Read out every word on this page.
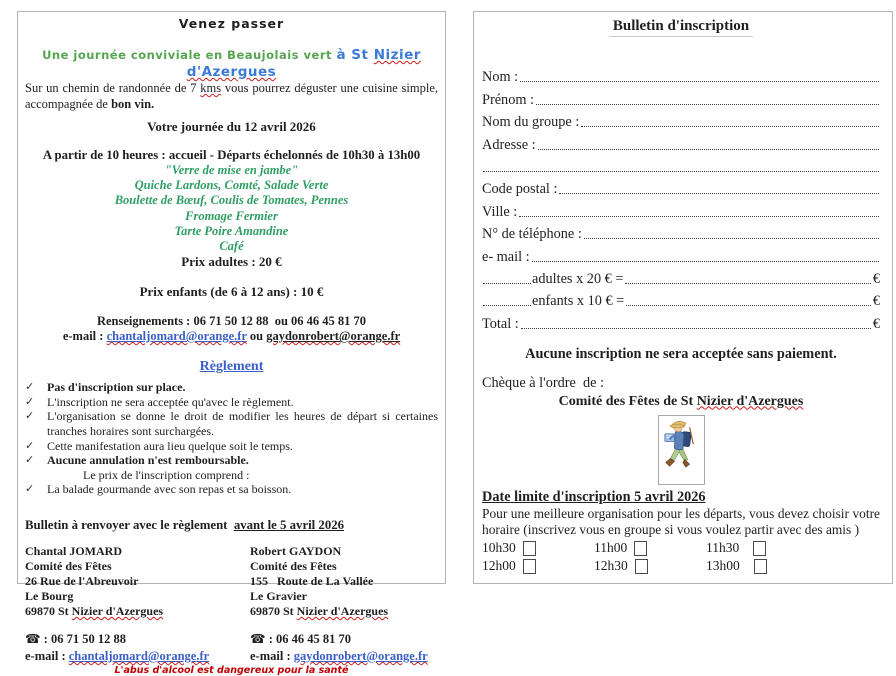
Venez passer
Une journée conviviale en Beaujolais vert à St Nizier d'Azergues
Sur un chemin de randonnée de 7 kms vous pourrez déguster une cuisine simple, accompagnée de bon vin.
Votre journée du 12 avril 2026
A partir de 10 heures : accueil - Départs échelonnés de 10h30 à 13h00
"Verre de mise en jambe"
Quiche Lardons, Comté, Salade Verte
Boulette de Bœuf, Coulis de Tomates, Pennes
Fromage Fermier
Tarte Poire Amandine
Café
Prix adultes : 20 €
Prix enfants (de 6 à 12 ans) : 10 €
Renseignements : 06 71 50 12 88  ou 06 46 45 81 70
e-mail : chantaljomard@orange.fr ou gaydonrobert@orange.fr
Règlement
✓	Pas d'inscription sur place.
✓	L'inscription ne sera acceptée qu'avec le règlement.
✓	L'organisation se donne le droit de modifier les heures de départ si certaines tranches horaires sont surchargées.
✓	Cette manifestation aura lieu quelque soit le temps.
✓	Aucune annulation n'est remboursable.
Le prix de l'inscription comprend :
✓	La balade gourmande avec son repas et sa boisson.
Bulletin à renvoyer avec le règlement  avant le 5 avril 2026
Chantal JOMARD
Comité des Fêtes
26 Rue de l'Abreuvoir
Le Bourg
69870 St Nizier d'Azergues
Robert GAYDON
Comité des Fêtes
155   Route de La Vallée
Le Gravier
69870 St Nizier d'Azergues
☎ : 06 71 50 12 88	☎ : 06 46 45 81 70
e-mail : chantaljomard@orange.fr	e-mail : gaydonrobert@orange.fr
L'abus d'alcool est dangereux pour la santé
Bulletin d'inscription
Nom :
Prénom :
Nom du groupe :
Adresse :
Code postal :
Ville :
N° de téléphone :
e- mail :
adultes x 20 € =	€
enfants x 10 € =	€
Total :	€
Aucune inscription ne sera acceptée sans paiement.
Chèque à l'ordre  de :
Comité des Fêtes de St Nizier d'Azergues
Date limite d'inscription 5 avril 2026
Pour une meilleure organisation pour les départs, vous devez choisir votre horaire (inscrivez vous en groupe si vous voulez partir avec des amis )
10h30	11h00	11h30
12h00	12h30	13h00
